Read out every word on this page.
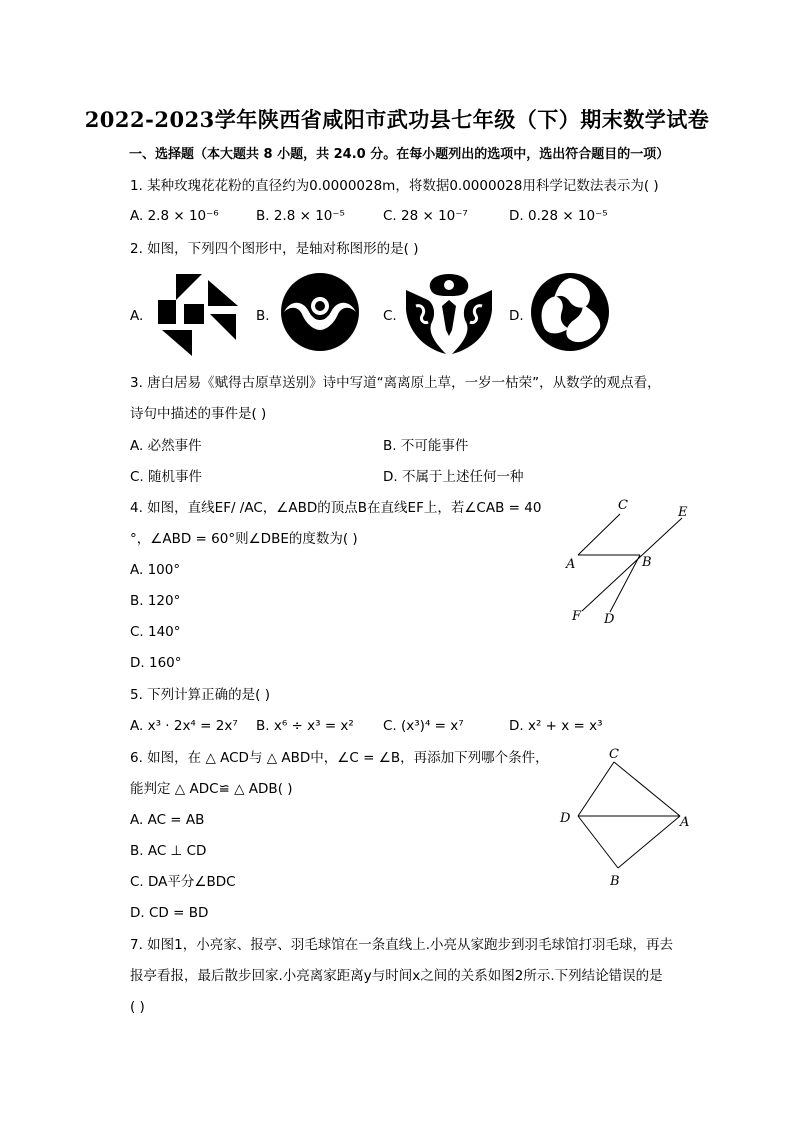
2022-2023学年陕西省咸阳市武功县七年级（下）期末数学试卷
一、选择题（本大题共 8 小题，共 24.0 分。在每小题列出的选项中，选出符合题目的一项）
1. 某种玫瑰花花粉的直径约为0.0000028m，将数据0.0000028用科学记数法表示为( )
A. 2.8 × 10⁻⁶	B. 2.8 × 10⁻⁵	C. 28 × 10⁻⁷	D. 0.28 × 10⁻⁵
2. 如图，下列四个图形中，是轴对称图形的是( )
A.	B.	C.	D.
3. 唐白居易《赋得古原草送别》诗中写道“离离原上草，一岁一枯荣”，从数学的观点看，
诗句中描述的事件是( )
A. 必然事件	B. 不可能事件
C. 随机事件	D. 不属于上述任何一种
4. 如图，直线EF/ /AC，∠ABD的顶点B在直线EF上，若∠CAB = 40
°，∠ABD = 60°则∠DBE的度数为( )
A. 100°
B. 120°
C. 140°
D. 160°
C	E
A	B
F D
5. 下列计算正确的是( )
A. x³ · 2x⁴ = 2x⁷ B. x⁶ ÷ x³ = x² C. (x³)⁴ = x⁷	D. x² + x = x³
6. 如图，在 △ ACD与 △ ABD中，∠C = ∠B，再添加下列哪个条件，
能判定 △ ADC≌ △ ADB( )
A. AC = AB
B. AC ⊥ CD
C. DA平分∠BDC
D. CD = BD
C
D	A
B
7. 如图1，小亮家、报亭、羽毛球馆在一条直线上.小亮从家跑步到羽毛球馆打羽毛球，再去
报亭看报，最后散步回家.小亮离家距离y与时间x之间的关系如图2所示.下列结论错误的是
( )
